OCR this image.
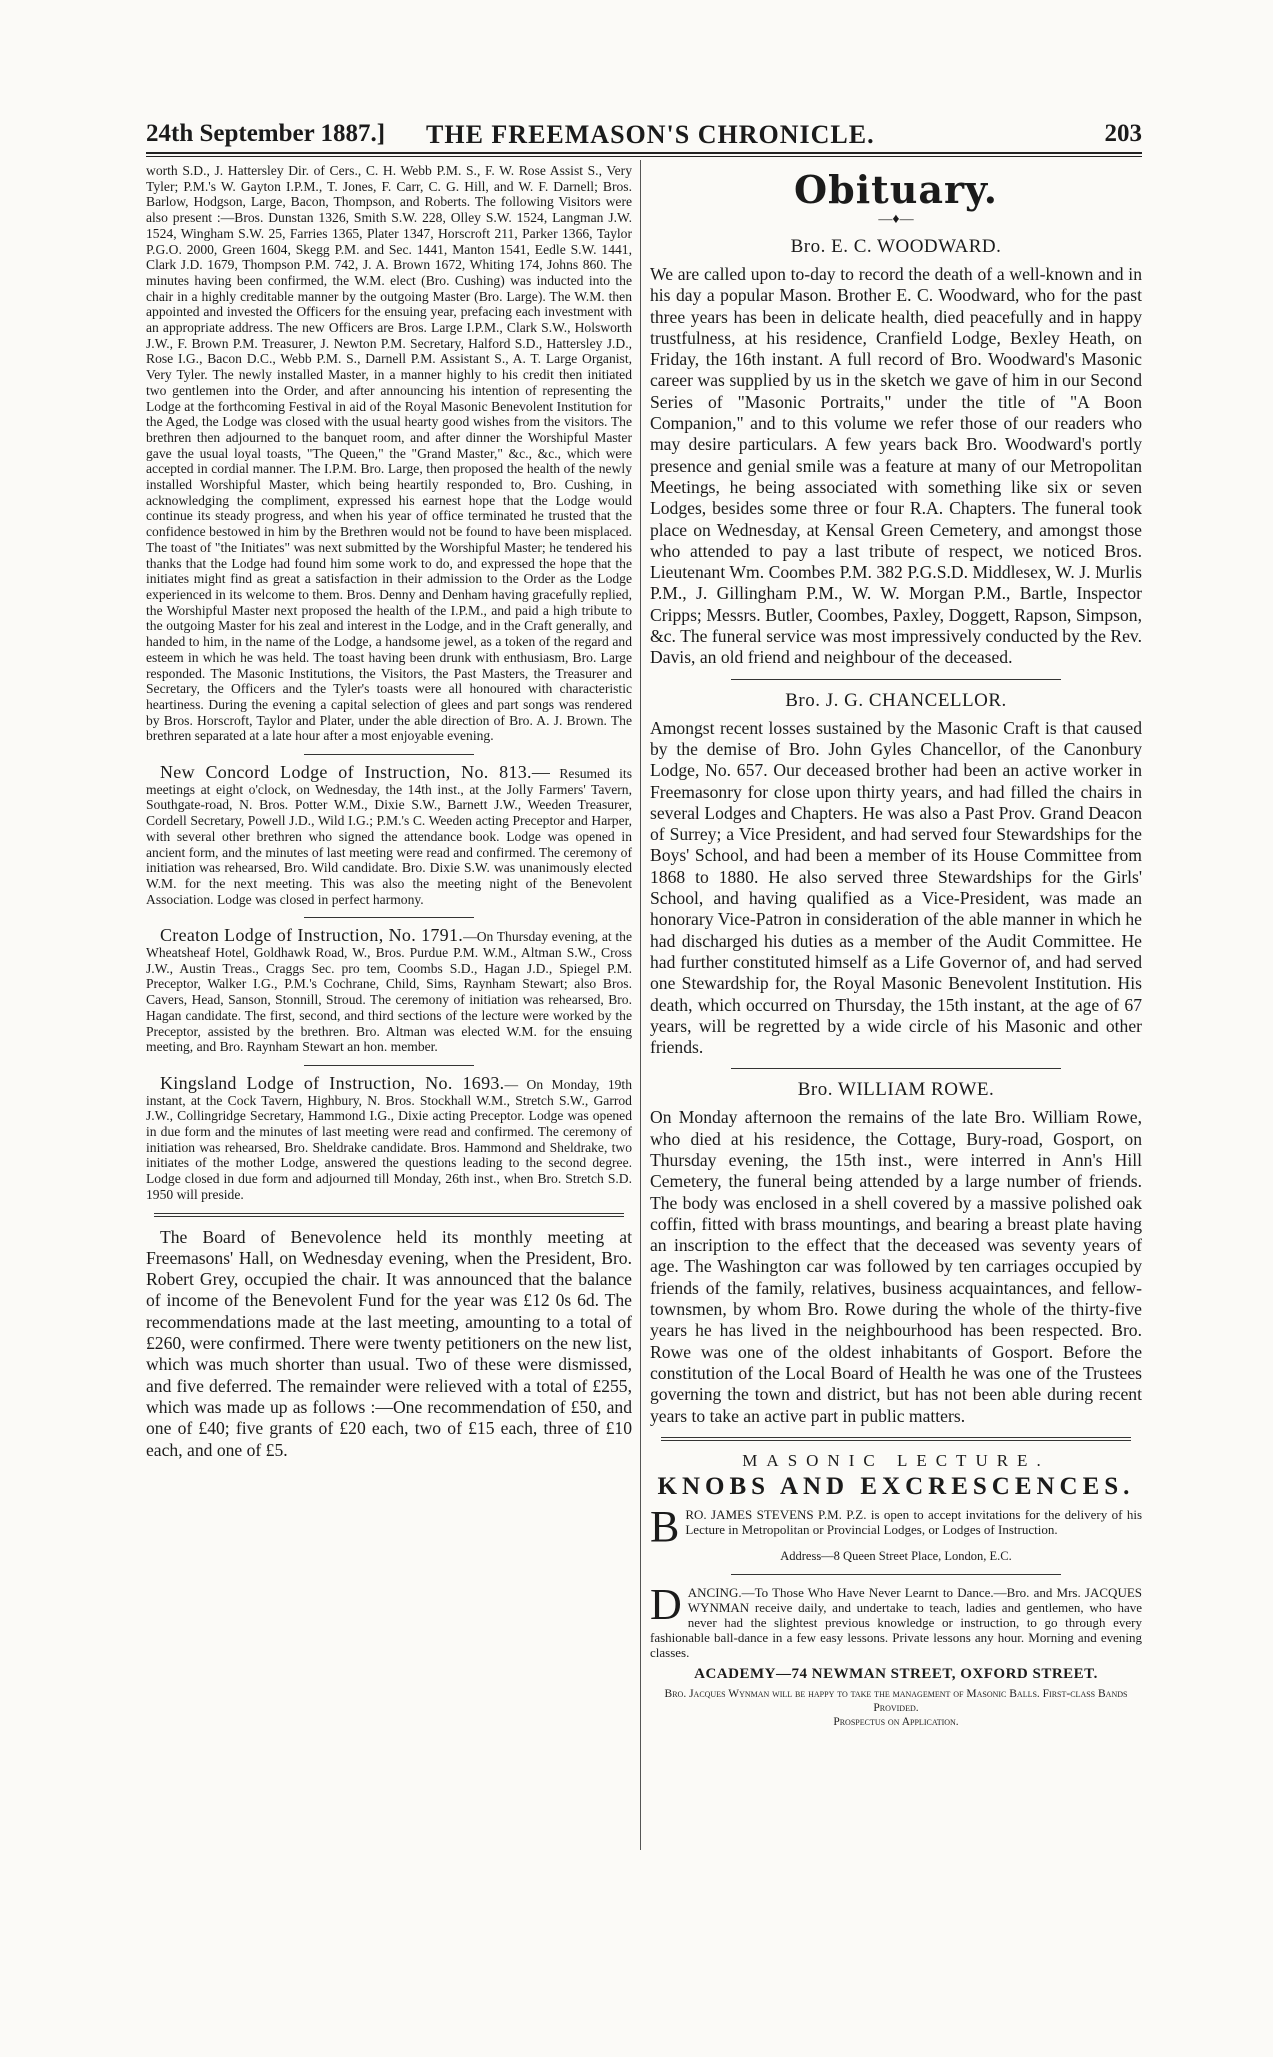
24th September 1887.] THE FREEMASON'S CHRONICLE.	203

worth S.D., J. Hattersley Dir. of Cers., C. H. Webb P.M. S., F. W. Rose Assist S., Very Tyler; P.M.'s W. Gayton I.P.M., T. Jones, F. Carr, C. G. Hill, and W. F. Darnell; Bros. Barlow, Hodgson, Large, Bacon, Thompson, and Roberts. The following Visitors were also present :—Bros. Dunstan 1326, Smith S.W. 228, Olley S.W. 1524, Langman J.W. 1524, Wingham S.W. 25, Farries 1365, Plater 1347, Horscroft 211, Parker 1366, Taylor P.G.O. 2000, Green 1604, Skegg P.M. and Sec. 1441, Manton 1541, Eedle S.W. 1441, Clark J.D. 1679, Thompson P.M. 742, J. A. Brown 1672, Whiting 174, Johns 860. The minutes having been confirmed, the W.M. elect (Bro. Cushing) was inducted into the chair in a highly creditable manner by the outgoing Master (Bro. Large). The W.M. then appointed and invested the Officers for the ensuing year, prefacing each investment with an appropriate address. The new Officers are Bros. Large I.P.M., Clark S.W., Holsworth J.W., F. Brown P.M. Treasurer, J. Newton P.M. Secretary, Halford S.D., Hattersley J.D., Rose I.G., Bacon D.C., Webb P.M. S., Darnell P.M. Assistant S., A. T. Large Organist, Very Tyler. The newly installed Master, in a manner highly to his credit then initiated two gentlemen into the Order, and after announcing his intention of representing the Lodge at the forthcoming Festival in aid of the Royal Masonic Benevolent Institution for the Aged, the Lodge was closed with the usual hearty good wishes from the visitors. The brethren then adjourned to the banquet room, and after dinner the Worshipful Master gave the usual loyal toasts, "The Queen," the "Grand Master," &c., &c., which were accepted in cordial manner. The I.P.M. Bro. Large, then proposed the health of the newly installed Worshipful Master, which being heartily responded to, Bro. Cushing, in acknowledging the compliment, expressed his earnest hope that the Lodge would continue its steady progress, and when his year of office terminated he trusted that the confidence bestowed in him by the Brethren would not be found to have been misplaced. The toast of "the Initiates" was next submitted by the Worshipful Master; he tendered his thanks that the Lodge had found him some work to do, and expressed the hope that the initiates might find as great a satisfaction in their admission to the Order as the Lodge experienced in its welcome to them. Bros. Denny and Denham having gracefully replied, the Worshipful Master next proposed the health of the I.P.M., and paid a high tribute to the outgoing Master for his zeal and interest in the Lodge, and in the Craft generally, and handed to him, in the name of the Lodge, a handsome jewel, as a token of the regard and esteem in which he was held. The toast having been drunk with enthusiasm, Bro. Large responded. The Masonic Institutions, the Visitors, the Past Masters, the Treasurer and Secretary, the Officers and the Tyler's toasts were all honoured with characteristic heartiness. During the evening a capital selection of glees and part songs was rendered by Bros. Horscroft, Taylor and Plater, under the able direction of Bro. A. J. Brown. The brethren separated at a late hour after a most enjoyable evening.

New Concord Lodge of Instruction, No. 813.— Resumed its meetings at eight o'clock, on Wednesday, the 14th inst., at the Jolly Farmers' Tavern, Southgate-road, N. Bros. Potter W.M., Dixie S.W., Barnett J.W., Weeden Treasurer, Cordell Secretary, Powell J.D., Wild I.G.; P.M.'s C. Weeden acting Preceptor and Harper, with several other brethren who signed the attendance book. Lodge was opened in ancient form, and the minutes of last meeting were read and confirmed. The ceremony of initiation was rehearsed, Bro. Wild candidate. Bro. Dixie S.W. was unanimously elected W.M. for the next meeting. This was also the meeting night of the Benevolent Association. Lodge was closed in perfect harmony.

Creaton Lodge of Instruction, No. 1791.—On Thursday evening, at the Wheatsheaf Hotel, Goldhawk Road, W., Bros. Purdue P.M. W.M., Altman S.W., Cross J.W., Austin Treas., Craggs Sec. pro tem, Coombs S.D., Hagan J.D., Spiegel P.M. Preceptor, Walker I.G., P.M.'s Cochrane, Child, Sims, Raynham Stewart; also Bros. Cavers, Head, Sanson, Stonnill, Stroud. The ceremony of initiation was rehearsed, Bro. Hagan candidate. The first, second, and third sections of the lecture were worked by the Preceptor, assisted by the brethren. Bro. Altman was elected W.M. for the ensuing meeting, and Bro. Raynham Stewart an hon. member.

Kingsland Lodge of Instruction, No. 1693.— On Monday, 19th instant, at the Cock Tavern, Highbury, N. Bros. Stockhall W.M., Stretch S.W., Garrod J.W., Collingridge Secretary, Hammond I.G., Dixie acting Preceptor. Lodge was opened in due form and the minutes of last meeting were read and confirmed. The ceremony of initiation was rehearsed, Bro. Sheldrake candidate. Bros. Hammond and Sheldrake, two initiates of the mother Lodge, answered the questions leading to the second degree. Lodge closed in due form and adjourned till Monday, 26th inst., when Bro. Stretch S.D. 1950 will preside.

The Board of Benevolence held its monthly meeting at Freemasons' Hall, on Wednesday evening, when the President, Bro. Robert Grey, occupied the chair. It was announced that the balance of income of the Benevolent Fund for the year was £12 0s 6d. The recommendations made at the last meeting, amounting to a total of £260, were confirmed. There were twenty petitioners on the new list, which was much shorter than usual. Two of these were dismissed, and five deferred. The remainder were relieved with a total of £255, which was made up as follows :—One recommendation of £50, and one of £40; five grants of £20 each, two of £15 each, three of £10 each, and one of £5.

Obituary.
—♦—
Bro. E. C. WOODWARD.

We are called upon to-day to record the death of a well-known and in his day a popular Mason. Brother E. C. Woodward, who for the past three years has been in delicate health, died peacefully and in happy trustfulness, at his residence, Cranfield Lodge, Bexley Heath, on Friday, the 16th instant. A full record of Bro. Woodward's Masonic career was supplied by us in the sketch we gave of him in our Second Series of "Masonic Portraits," under the title of "A Boon Companion," and to this volume we refer those of our readers who may desire particulars. A few years back Bro. Woodward's portly presence and genial smile was a feature at many of our Metropolitan Meetings, he being associated with something like six or seven Lodges, besides some three or four R.A. Chapters. The funeral took place on Wednesday, at Kensal Green Cemetery, and amongst those who attended to pay a last tribute of respect, we noticed Bros. Lieutenant Wm. Coombes P.M. 382 P.G.S.D. Middlesex, W. J. Murlis P.M., J. Gillingham P.M., W. W. Morgan P.M., Bartle, Inspector Cripps; Messrs. Butler, Coombes, Paxley, Doggett, Rapson, Simpson, &c. The funeral service was most impressively conducted by the Rev. Davis, an old friend and neighbour of the deceased.

Bro. J. G. CHANCELLOR.

Amongst recent losses sustained by the Masonic Craft is that caused by the demise of Bro. John Gyles Chancellor, of the Canonbury Lodge, No. 657. Our deceased brother had been an active worker in Freemasonry for close upon thirty years, and had filled the chairs in several Lodges and Chapters. He was also a Past Prov. Grand Deacon of Surrey; a Vice President, and had served four Stewardships for the Boys' School, and had been a member of its House Committee from 1868 to 1880. He also served three Stewardships for the Girls' School, and having qualified as a Vice-President, was made an honorary Vice-Patron in consideration of the able manner in which he had discharged his duties as a member of the Audit Committee. He had further constituted himself as a Life Governor of, and had served one Stewardship for, the Royal Masonic Benevolent Institution. His death, which occurred on Thursday, the 15th instant, at the age of 67 years, will be regretted by a wide circle of his Masonic and other friends.

Bro. WILLIAM ROWE.

On Monday afternoon the remains of the late Bro. William Rowe, who died at his residence, the Cottage, Bury-road, Gosport, on Thursday evening, the 15th inst., were interred in Ann's Hill Cemetery, the funeral being attended by a large number of friends. The body was enclosed in a shell covered by a massive polished oak coffin, fitted with brass mountings, and bearing a breast plate having an inscription to the effect that the deceased was seventy years of age. The Washington car was followed by ten carriages occupied by friends of the family, relatives, business acquaintances, and fellow-townsmen, by whom Bro. Rowe during the whole of the thirty-five years he has lived in the neighbourhood has been respected. Bro. Rowe was one of the oldest inhabitants of Gosport. Before the constitution of the Local Board of Health he was one of the Trustees governing the town and district, but has not been able during recent years to take an active part in public matters.

MASONIC LECTURE.
KNOBS AND EXCRESCENCES.
B RO. JAMES STEVENS P.M. P.Z. is open to accept invitations for the delivery of his Lecture in Metropolitan or Provincial Lodges, or Lodges of Instruction.

Address—8 Queen Street Place, London, E.C.
D ANCING.—To Those Who Have Never Learnt to Dance.—Bro. and Mrs. JACQUES WYNMAN receive daily, and undertake to teach, ladies and gentlemen, who have never had the slightest previous knowledge or instruction, to go through every fashionable ball-dance in a few easy lessons. Private lessons any hour. Morning and evening classes.

ACADEMY—74 NEWMAN STREET, OXFORD STREET.

Bro. Jacques Wynman will be happy to take the management of Masonic Balls. First-class Bands Provided.

Prospectus on Application.
